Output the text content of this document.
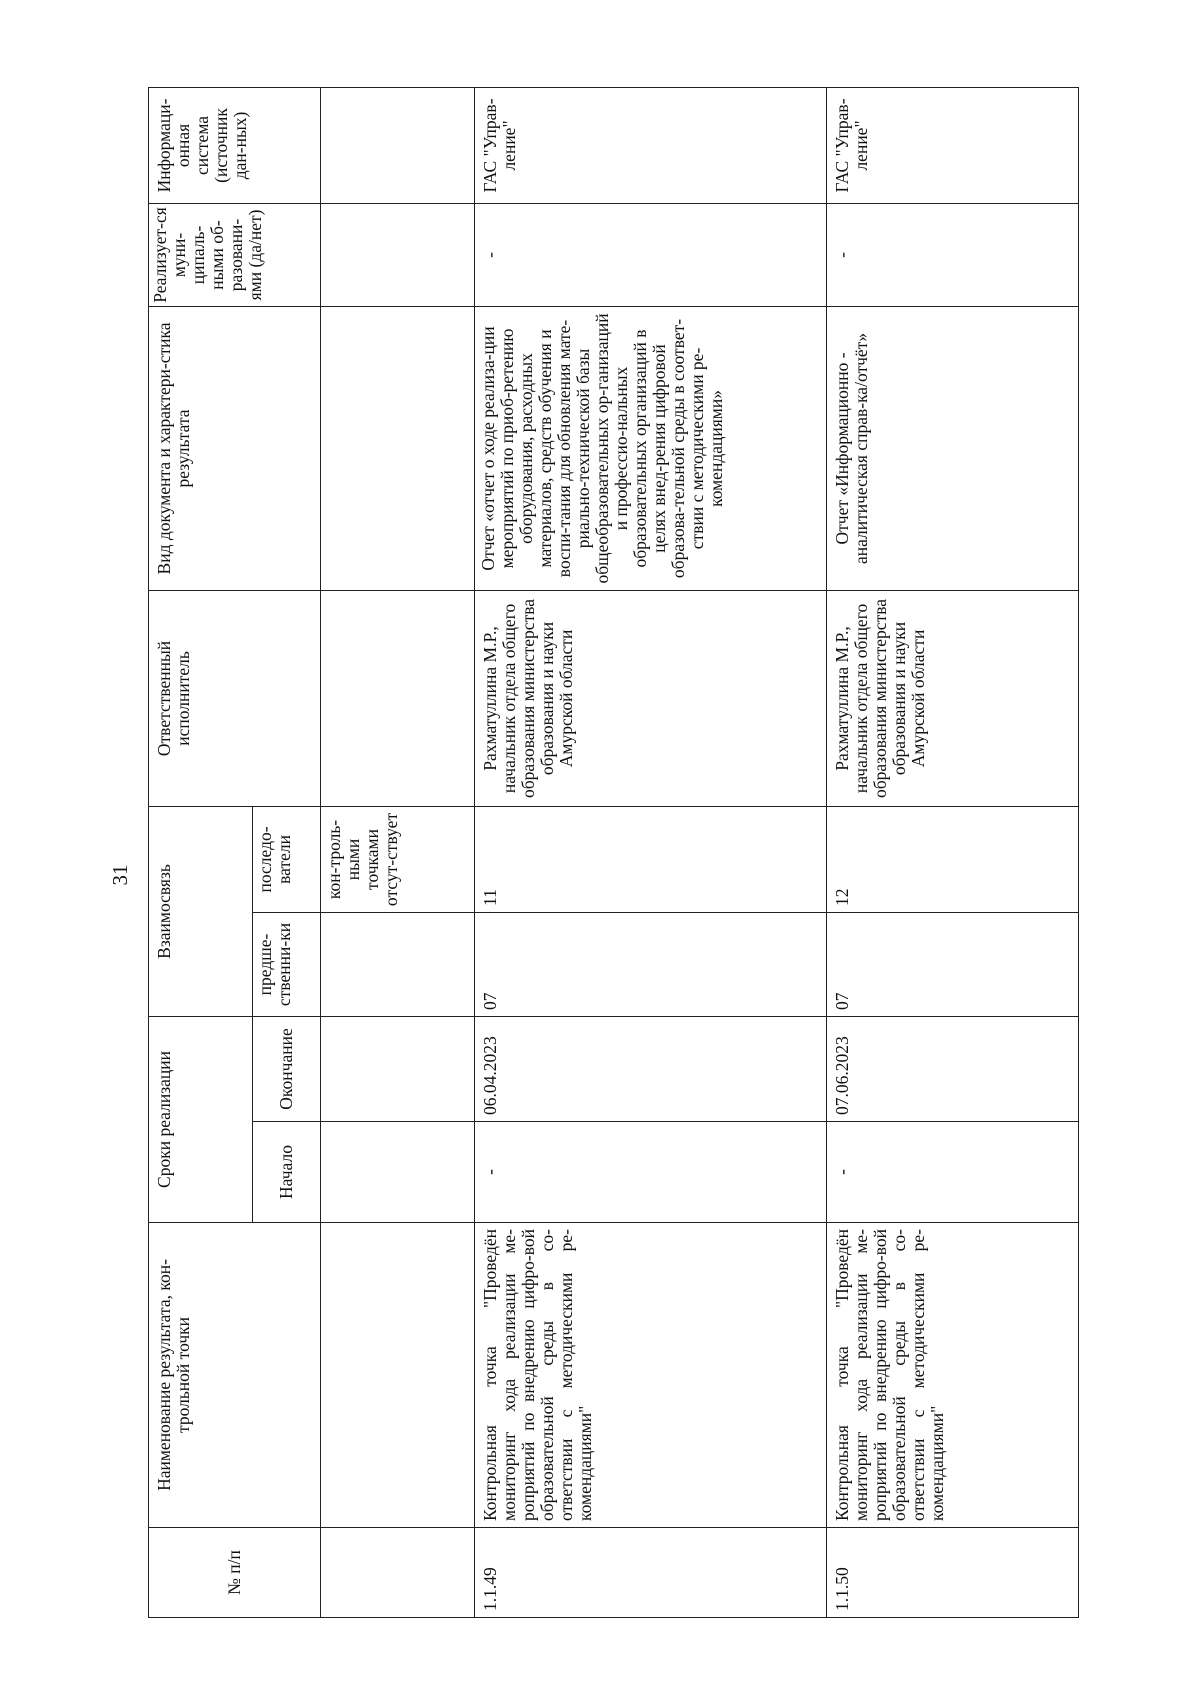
31
№ п/п	Наименование результата, кон-трольной точки	Сроки реализации		Взаимосвязь		Ответственный исполнитель	Вид документа и характери-стика результата	Реализует-ся муни-ципаль-ными об-разовани-ями (да/нет)	Информаци-онная система (источник дан-ных)
		Начало	Окончание	предше-ственни-ки	последо-ватели				
					кон-троль-ными точками отсут-ствует				
1.1.49	Контрольная точка "Проведён мониторинг хода реализации ме-роприятий по внедрению цифро-вой образовательной среды в со-ответствии с методическими ре-комендациями"	-	06.04.2023	07	11	Рахматуллина М.Р., начальник отдела общего образования министерства образования и науки Амурской области	Отчет «отчет о ходе реализа-ции мероприятий по приоб-ретению оборудования, расходных материалов, средств обучения и воспи-тания для обновления мате-риально-технической базы общеобразовательных ор-ганизаций и профессио-нальных образовательных организаций в целях внед-рения цифровой образова-тельной среды в соответ-ствии с методическими ре-комендациями»	-	ГАС "Управ-ление"
1.1.50	Контрольная точка "Проведён мониторинг хода реализации ме-роприятий по внедрению цифро-вой образовательной среды в со-ответствии с методическими ре-комендациями"	-	07.06.2023	07	12	Рахматуллина М.Р., начальник отдела общего образования министерства образования и науки Амурской области	Отчет «Информационно - аналитическая справ-ка/отчёт»	-	ГАС "Управ-ление"
